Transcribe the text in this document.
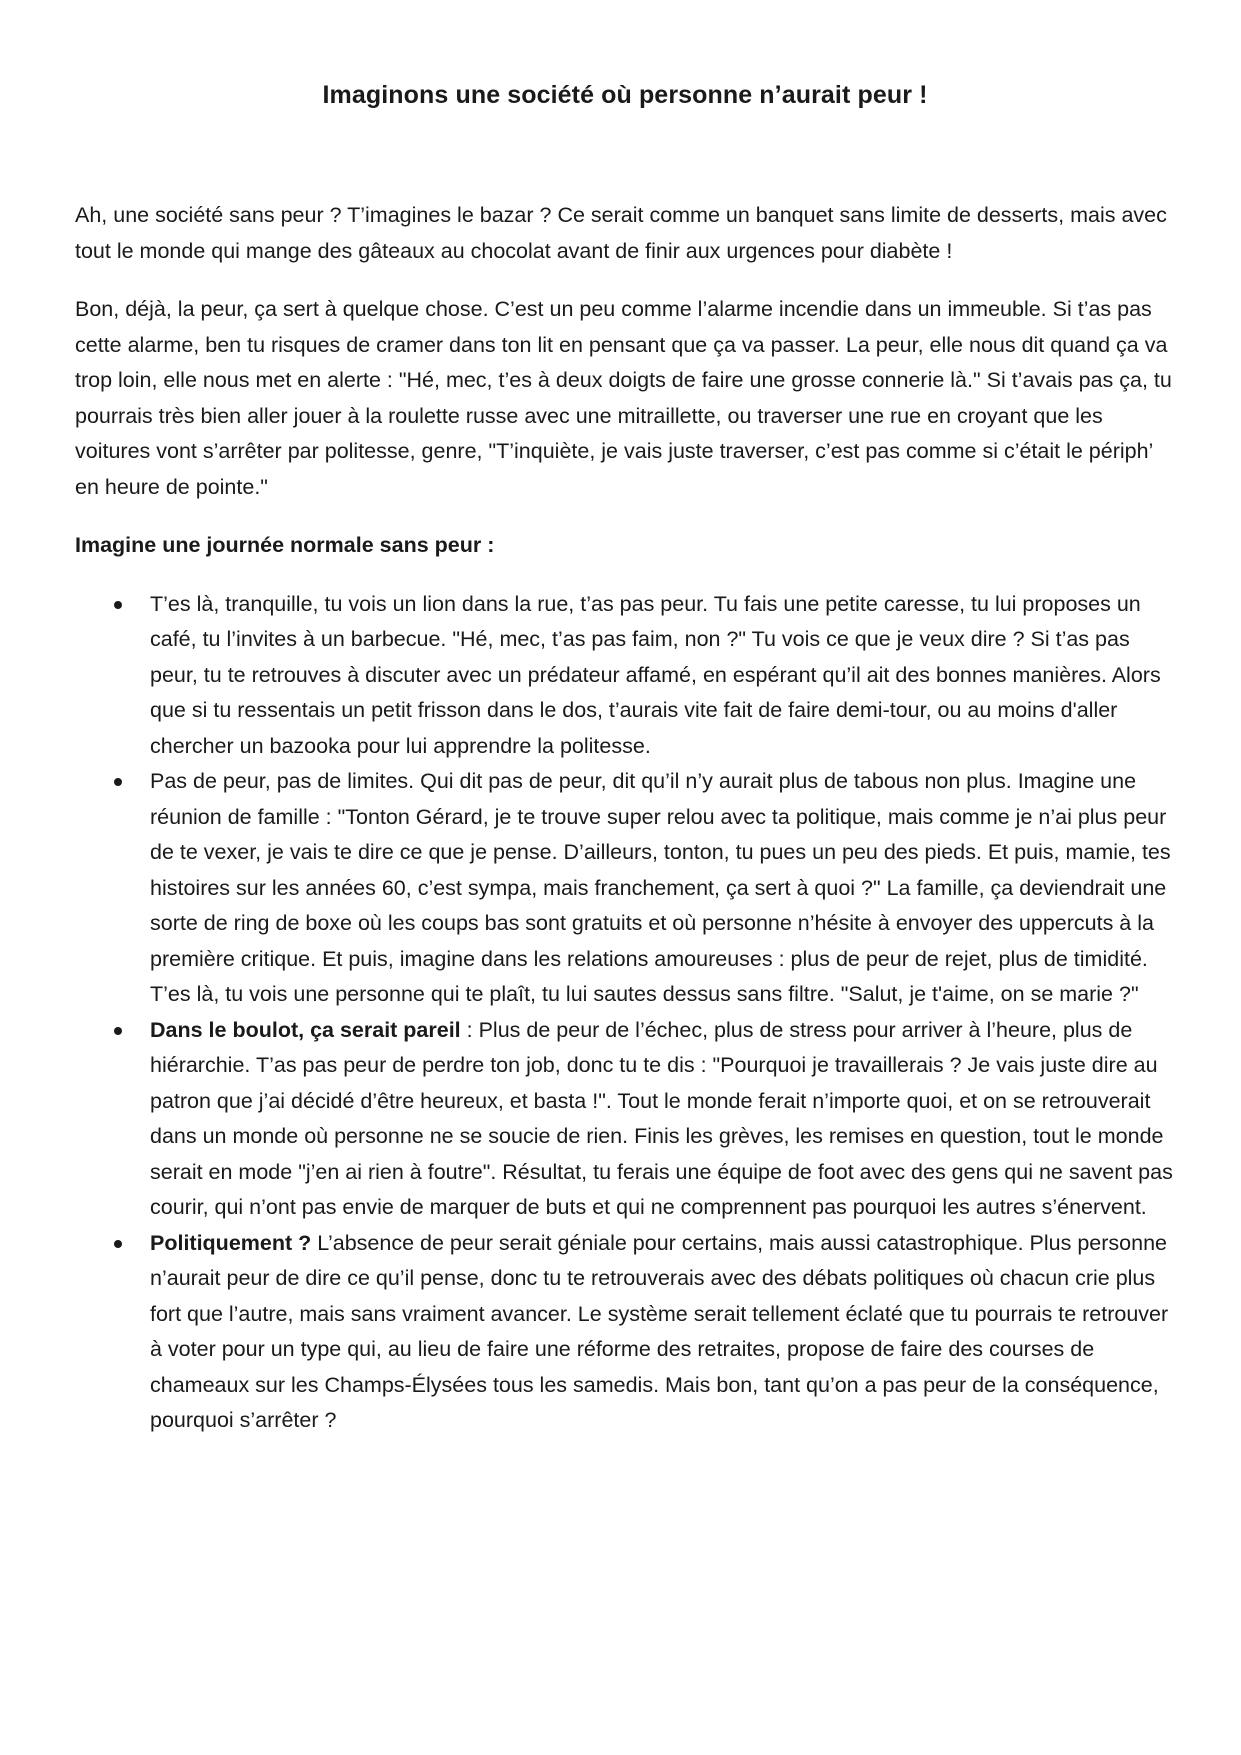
Imaginons une société où personne n’aurait peur !

Ah, une société sans peur ? T’imagines le bazar ? Ce serait comme un banquet sans limite de desserts, mais avec tout le monde qui mange des gâteaux au chocolat avant de finir aux urgences pour diabète !

Bon, déjà, la peur, ça sert à quelque chose. C’est un peu comme l’alarme incendie dans un immeuble. Si t’as pas cette alarme, ben tu risques de cramer dans ton lit en pensant que ça va passer. La peur, elle nous dit quand ça va trop loin, elle nous met en alerte : "Hé, mec, t’es à deux doigts de faire une grosse connerie là." Si t’avais pas ça, tu pourrais très bien aller jouer à la roulette russe avec une mitraillette, ou traverser une rue en croyant que les voitures vont s’arrêter par politesse, genre, "T’inquiète, je vais juste traverser, c’est pas comme si c’était le périph’ en heure de pointe."

Imagine une journée normale sans peur :

T’es là, tranquille, tu vois un lion dans la rue, t’as pas peur. Tu fais une petite caresse, tu lui proposes un café, tu l’invites à un barbecue. "Hé, mec, t’as pas faim, non ?" Tu vois ce que je veux dire ? Si t’as pas peur, tu te retrouves à discuter avec un prédateur affamé, en espérant qu’il ait des bonnes manières. Alors que si tu ressentais un petit frisson dans le dos, t’aurais vite fait de faire demi-tour, ou au moins d'aller chercher un bazooka pour lui apprendre la politesse.
Pas de peur, pas de limites. Qui dit pas de peur, dit qu’il n’y aurait plus de tabous non plus. Imagine une réunion de famille : "Tonton Gérard, je te trouve super relou avec ta politique, mais comme je n’ai plus peur de te vexer, je vais te dire ce que je pense. D’ailleurs, tonton, tu pues un peu des pieds. Et puis, mamie, tes histoires sur les années 60, c’est sympa, mais franchement, ça sert à quoi ?" La famille, ça deviendrait une sorte de ring de boxe où les coups bas sont gratuits et où personne n’hésite à envoyer des uppercuts à la première critique. Et puis, imagine dans les relations amoureuses : plus de peur de rejet, plus de timidité. T’es là, tu vois une personne qui te plaît, tu lui sautes dessus sans filtre. "Salut, je t'aime, on se marie ?"
Dans le boulot, ça serait pareil : Plus de peur de l’échec, plus de stress pour arriver à l’heure, plus de hiérarchie. T’as pas peur de perdre ton job, donc tu te dis : "Pourquoi je travaillerais ? Je vais juste dire au patron que j’ai décidé d’être heureux, et basta !". Tout le monde ferait n’importe quoi, et on se retrouverait dans un monde où personne ne se soucie de rien. Finis les grèves, les remises en question, tout le monde serait en mode "j’en ai rien à foutre". Résultat, tu ferais une équipe de foot avec des gens qui ne savent pas courir, qui n’ont pas envie de marquer de buts et qui ne comprennent pas pourquoi les autres s’énervent.
Politiquement ? L’absence de peur serait géniale pour certains, mais aussi catastrophique. Plus personne n’aurait peur de dire ce qu’il pense, donc tu te retrouverais avec des débats politiques où chacun crie plus fort que l’autre, mais sans vraiment avancer. Le système serait tellement éclaté que tu pourrais te retrouver à voter pour un type qui, au lieu de faire une réforme des retraites, propose de faire des courses de chameaux sur les Champs-Élysées tous les samedis. Mais bon, tant qu’on a pas peur de la conséquence, pourquoi s’arrêter ?
